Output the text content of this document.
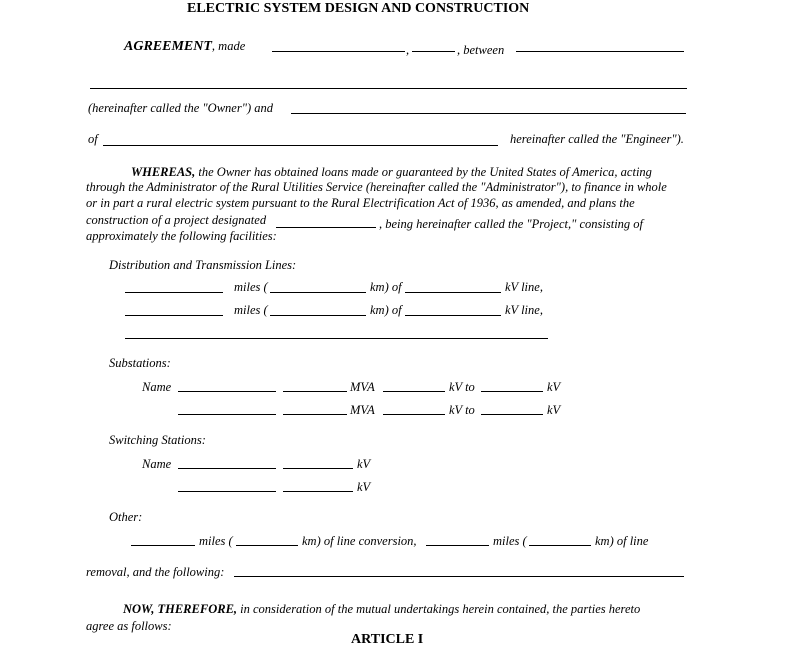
ELECTRIC SYSTEM DESIGN AND CONSTRUCTION
AGREEMENT, made	,	, between
(hereinafter called the "Owner") and
of	hereinafter called the "Engineer").
WHEREAS, the Owner has obtained loans made or guaranteed by the United States of America, acting
through the Administrator of the Rural Utilities Service (hereinafter called the "Administrator"), to finance in whole
or in part a rural electric system pursuant to the Rural Electrification Act of 1936, as amended, and plans the
construction of a project designated	, being hereinafter called the "Project," consisting of
approximately the following facilities:
Distribution and Transmission Lines:
miles (	km) of	kV line,
miles (	km) of	kV line,
Substations:
Name	MVA	kV to	kV
MVA	kV to	kV
Switching Stations:
Name	kV
kV
Other:
miles (	km) of line conversion,	miles (	km) of line
removal, and the following:
NOW, THEREFORE, in consideration of the mutual undertakings herein contained, the parties hereto
agree as follows:
ARTICLE I
